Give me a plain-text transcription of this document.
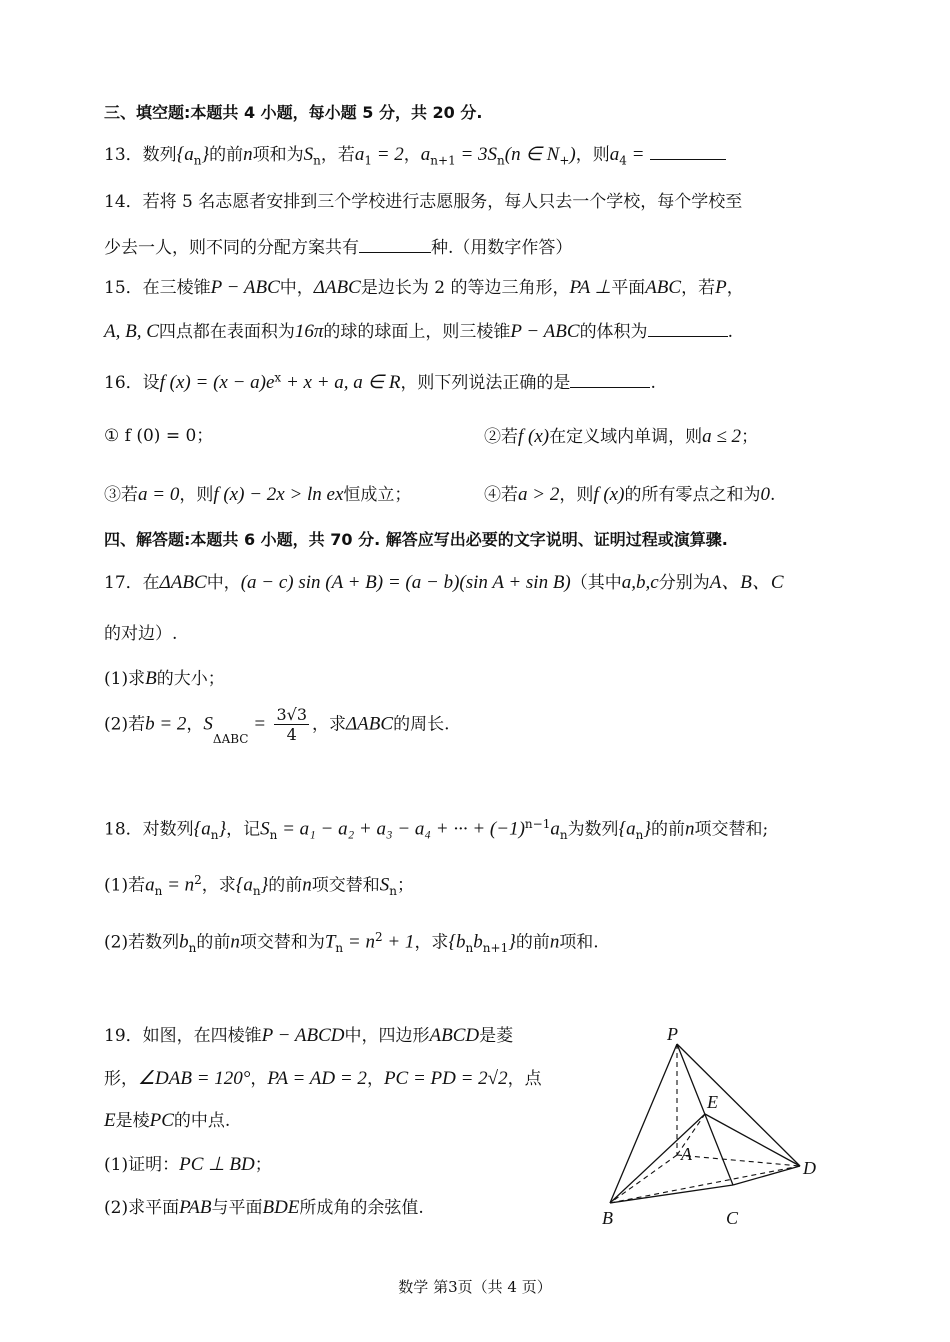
三、填空题:本题共 4 小题，每小题 5 分，共 20 分.
13．数列$\{a_n\}$的前n项和为$S_n$，若$a_1 = 2$，$a_{n+1} = 3S_n(n$ ∈ $N_+$)，则$a_4$ =
14．若将 5 名志愿者安排到三个学校进行志愿服务，每人只去一个学校，每个学校至
少去一人，则不同的分配方案共有	种.（用数字作答）
15．在三棱锥P − ABC中，ΔABC是边长为 2 的等边三角形，PA ⊥平面ABC，若P，
A, B, C四点都在表面积为16π的球的球面上，则三棱锥P − ABC的体积为	.
16．设f $(x) = (x - a)e^x + x + a$, a ∈ R，则下列说法正确的是	.
① f (0) = 0；	②若f (x)在定义域内单调，则a ≤ 2；
③若a = 0，则f (x) − 2x > ln ex恒成立；	④若a > 2，则f (x)的所有零点之和为0.
四、解答题:本题共 6 小题，共 70 分. 解答应写出必要的文字说明、证明过程或演算骤.
17．在ΔABC中，(a − c) sin (A + B) = (a − b)(sin A + sin B)（其中a,b,c分别为A、B、C
的对边）.
(1)求B的大小；
(2)若b = 2，$S_{\Delta ABC} = \frac{3√3}{4}$ ，求ΔABC的周长.
18．对数列$\{a_n\}$，记$S_n = a_1 - a_2 + a_3 - a_4$ + ··· + $(-1)^{n-1}a_n$为数列$\{a_n\}$的前n项交替和;
(1)若$a_n = n^2$，求$\{a_n\}$的前n项交替和$S_n$；
(2)若数列$b_n$的前n项交替和为$T_n = n^2 + 1$，求$\{b_nb_{n+1}\}$的前n项和.
19．如图，在四棱锥P − ABCD中，四边形ABCD是菱
形，∠DAB = 120°，PA = AD = 2，PC = PD = 2√2，点
E是棱PC的中点.
(1)证明：PC ⊥ BD；
(2)求平面PAB与平面BDE所成角的余弦值.
P
E
A
D
B	C
数学 第3页（共 4 页）
